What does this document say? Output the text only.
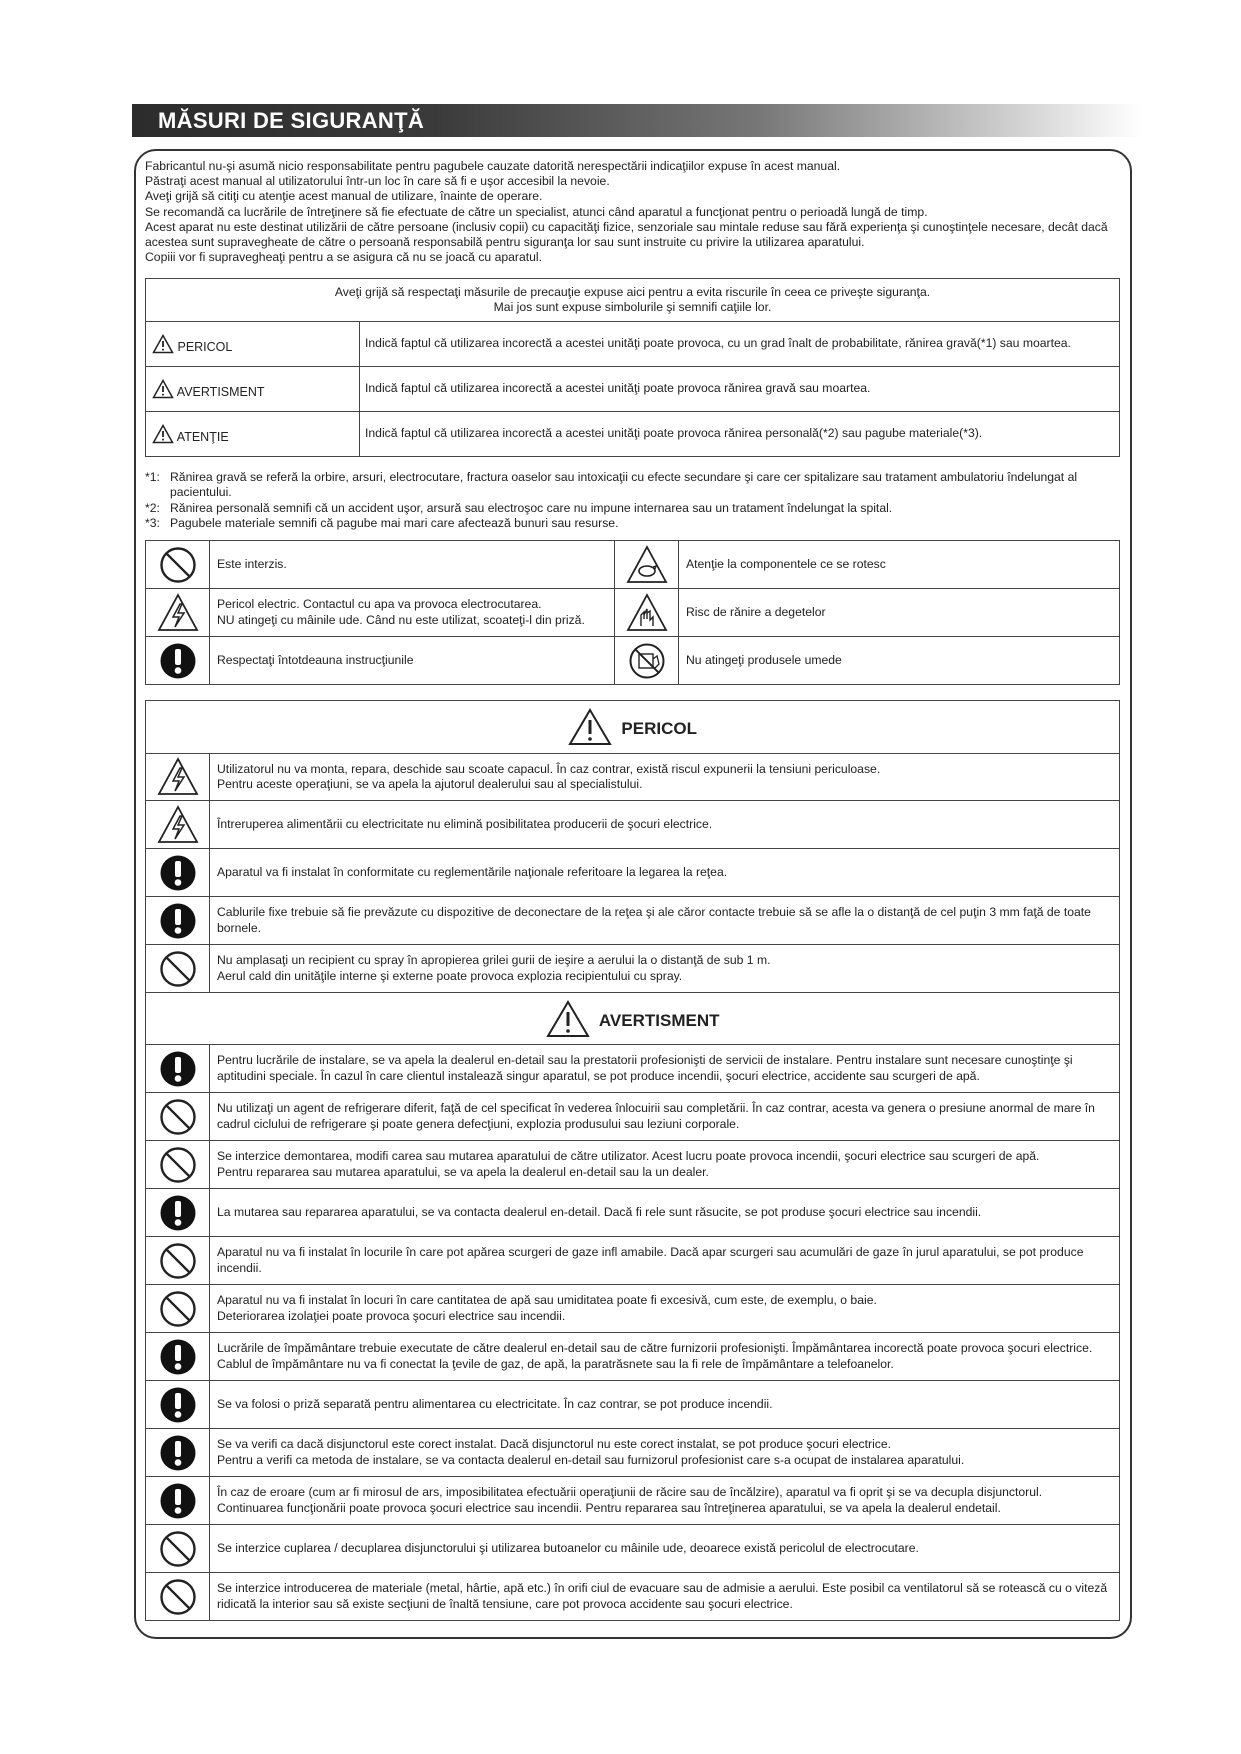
MĂSURI DE SIGURANŢĂ
Fabricantul nu-şi asumă nicio responsabilitate pentru pagubele cauzate datorită nerespectării indicaţiilor expuse în acest manual.
Păstraţi acest manual al utilizatorului într-un loc în care să fi e uşor accesibil la nevoie.
Aveţi grijă să citiţi cu atenţie acest manual de utilizare, înainte de operare.
Se recomandă ca lucrările de întreţinere să fie efectuate de către un specialist, atunci când aparatul a funcţionat pentru o perioadă lungă de timp.
Acest aparat nu este destinat utilizării de către persoane (inclusiv copii) cu capacităţi fizice, senzoriale sau mintale reduse sau fără experienţa şi cunoştinţele necesare, decât dacă acestea sunt supravegheate de către o persoană responsabilă pentru siguranţa lor sau sunt instruite cu privire la utilizarea aparatului.
Copiii vor fi supravegheaţi pentru a se asigura că nu se joacă cu aparatul.
Aveţi grijă să respectaţi măsurile de precauţie expuse aici pentru a evita riscurile în ceea ce priveşte siguranţa.
Mai jos sunt expuse simbolurile şi semnifi caţiile lor.	

PERICOL	Indică faptul că utilizarea incorectă a acestei unităţi poate provoca, cu un grad înalt de probabilitate, rănirea gravă(*1) sau moartea.
AVERTISMENT	Indică faptul că utilizarea incorectă a acestei unităţi poate provoca rănirea gravă sau moartea.
ATENŢIE	Indică faptul că utilizarea incorectă a acestei unităţi poate provoca rănirea personală(*2) sau pagube materiale(*3).
*1: Rănirea gravă se referă la orbire, arsuri, electrocutare, fractura oaselor sau intoxicaţii cu efecte secundare şi care cer spitalizare sau tratament ambulatoriu îndelungat al pacientului.
*2: Rănirea personală semnifi că un accident uşor, arsură sau electroşoc care nu impune internarea sau un tratament îndelungat la spital.
*3: Pagubele materiale semnifi că pagube mai mari care afectează bunuri sau resurse.

Este interzis.		Atenţie la componentele ce se rotesc

Pericol electric. Contactul cu apa va provoca electrocutarea.
NU atingeţi cu mâinile ude. Când nu este utilizat, scoateţi-l din priză.		Risc de rănire a degetelor

Respectaţi întotdeauna instrucţiunile		Nu atingeţi produsele umede
PERICOL	

Utilizatorul nu va monta, repara, deschide sau scoate capacul. În caz contrar, există riscul expunerii la tensiuni periculoase.
Pentru aceste operaţiuni, se va apela la ajutorul dealerului sau al specialistului.

Întreruperea alimentării cu electricitate nu elimină posibilitatea producerii de şocuri electrice.

Aparatul va fi instalat în conformitate cu reglementările naţionale referitoare la legarea la reţea.

Cablurile fixe trebuie să fie prevăzute cu dispozitive de deconectare de la reţea şi ale căror contacte trebuie să se afle la o distanţă de cel puţin 3 mm faţă de toate bornele.

Nu amplasaţi un recipient cu spray în apropierea grilei gurii de ieşire a aerului la o distanţă de sub 1 m.
Aerul cald din unităţile interne şi externe poate provoca explozia recipientului cu spray.

AVERTISMENT	

Pentru lucrările de instalare, se va apela la dealerul en-detail sau la prestatorii profesionişti de servicii de instalare. Pentru instalare sunt necesare cunoştinţe şi aptitudini speciale. În cazul în care clientul instalează singur aparatul, se pot produce incendii, şocuri electrice, accidente sau scurgeri de apă.

Nu utilizaţi un agent de refrigerare diferit, faţă de cel specificat în vederea înlocuirii sau completării. În caz contrar, acesta va genera o presiune anormal de mare în cadrul ciclului de refrigerare şi poate genera defecţiuni, explozia produsului sau leziuni corporale.

Se interzice demontarea, modifi carea sau mutarea aparatului de către utilizator. Acest lucru poate provoca incendii, şocuri electrice sau scurgeri de apă.
Pentru repararea sau mutarea aparatului, se va apela la dealerul en-detail sau la un dealer.

La mutarea sau repararea aparatului, se va contacta dealerul en-detail. Dacă fi rele sunt răsucite, se pot produse şocuri electrice sau incendii.

Aparatul nu va fi instalat în locurile în care pot apărea scurgeri de gaze infl amabile. Dacă apar scurgeri sau acumulări de gaze în jurul aparatului, se pot produce incendii.

Aparatul nu va fi instalat în locuri în care cantitatea de apă sau umiditatea poate fi excesivă, cum este, de exemplu, o baie.
Deteriorarea izolaţiei poate provoca şocuri electrice sau incendii.

Lucrările de împământare trebuie executate de către dealerul en-detail sau de către furnizorii profesionişti. Împământarea incorectă poate provoca şocuri electrice. Cablul de împământare nu va fi conectat la ţevile de gaz, de apă, la paratrăsnete sau la fi rele de împământare a telefoanelor.

Se va folosi o priză separată pentru alimentarea cu electricitate. În caz contrar, se pot produce incendii.

Se va verifi ca dacă disjunctorul este corect instalat. Dacă disjunctorul nu este corect instalat, se pot produce şocuri electrice.
Pentru a verifi ca metoda de instalare, se va contacta dealerul en-detail sau furnizorul profesionist care s-a ocupat de instalarea aparatului.

În caz de eroare (cum ar fi mirosul de ars, imposibilitatea efectuării operaţiunii de răcire sau de încălzire), aparatul va fi oprit şi se va decupla disjunctorul.
Continuarea funcţionării poate provoca şocuri electrice sau incendii. Pentru repararea sau întreţinerea aparatului, se va apela la dealerul endetail.

Se interzice cuplarea / decuplarea disjunctorului şi utilizarea butoanelor cu mâinile ude, deoarece există pericolul de electrocutare.

Se interzice introducerea de materiale (metal, hârtie, apă etc.) în orifi ciul de evacuare sau de admisie a aerului. Este posibil ca ventilatorul să se rotească cu o viteză ridicată la interior sau să existe secţiuni de înaltă tensiune, care pot provoca accidente sau şocuri electrice.
